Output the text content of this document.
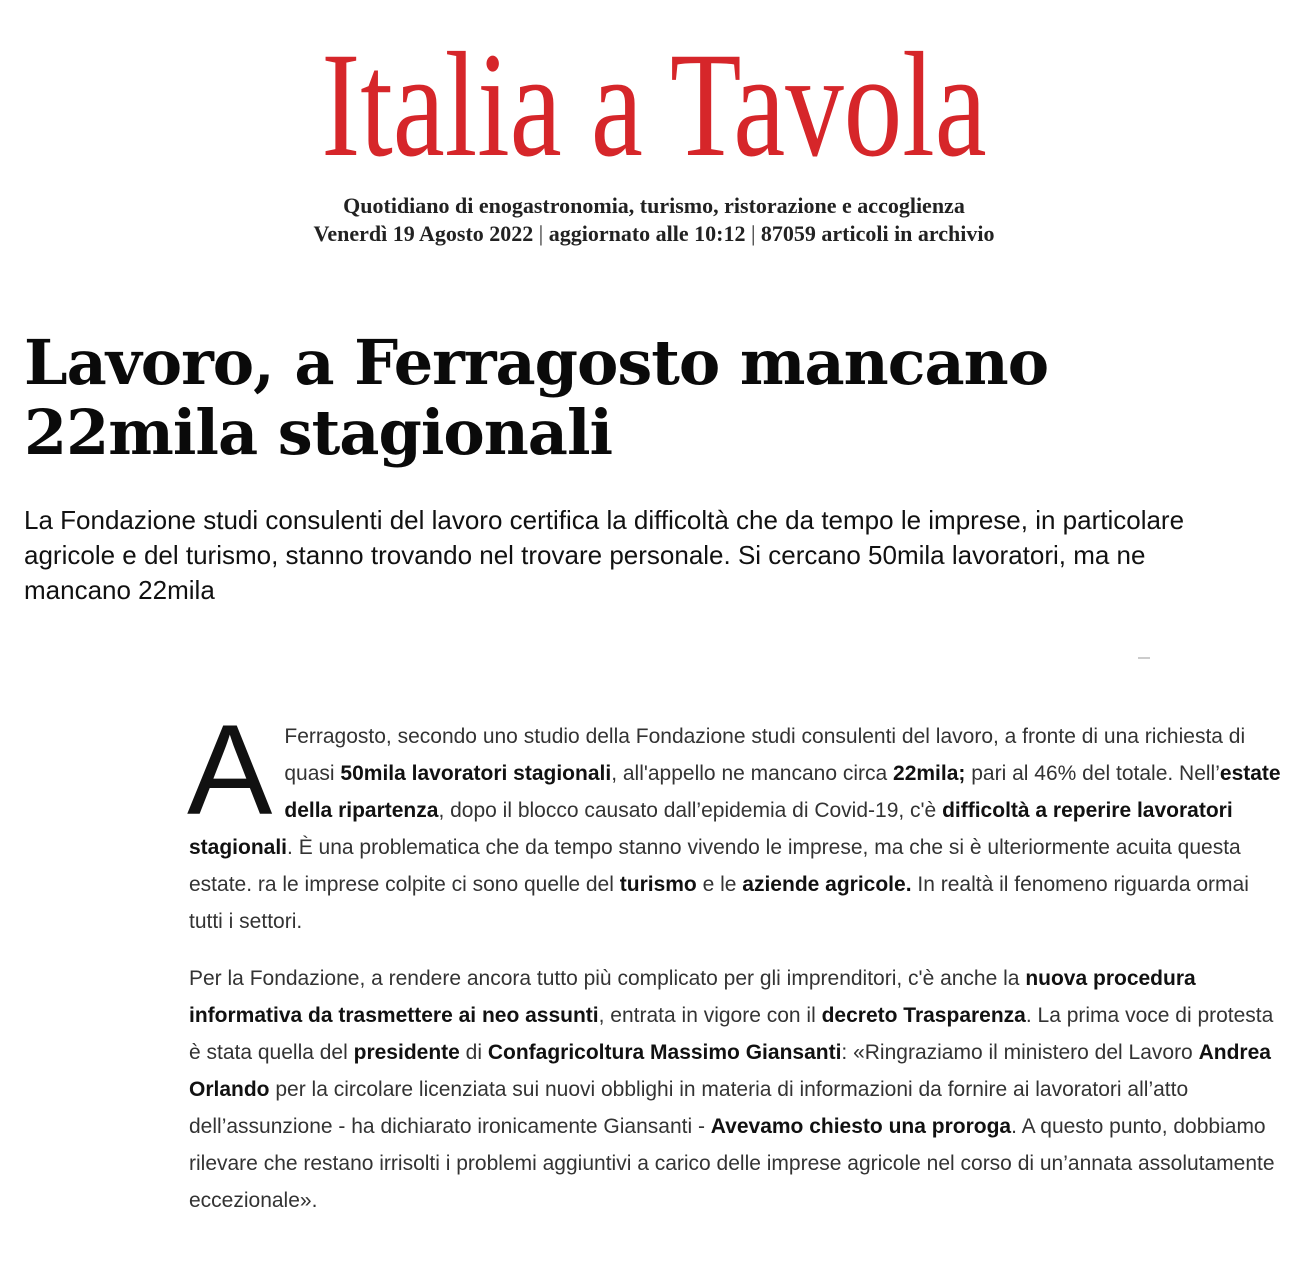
Italia a Tavola
Quotidiano di enogastronomia, turismo, ristorazione e accoglienza
Venerdì 19 Agosto 2022 | aggiornato alle 10:12 | 87059 articoli in archivio
Lavoro, a Ferragosto mancano 22mila stagionali

La Fondazione studi consulenti del lavoro certifica la difficoltà che da tempo le imprese, in particolare agricole e del turismo, stanno trovando nel trovare personale. Si cercano 50mila lavoratori, ma ne mancano 22mila

A Ferragosto, secondo uno studio della Fondazione studi consulenti del lavoro, a fronte di una richiesta di quasi 50mila lavoratori stagionali, all'appello ne mancano circa 22mila; pari al 46% del totale. Nell’estate della ripartenza, dopo il blocco causato dall’epidemia di Covid-19, c'è difficoltà a reperire lavoratori stagionali. È una problematica che da tempo stanno vivendo le imprese, ma che si è ulteriormente acuita questa estate. ra le imprese colpite ci sono quelle del turismo e le aziende agricole. In realtà il fenomeno riguarda ormai tutti i settori.

Per la Fondazione, a rendere ancora tutto più complicato per gli imprenditori, c'è anche la nuova procedura informativa da trasmettere ai neo assunti, entrata in vigore con il decreto Trasparenza. La prima voce di protesta è stata quella del presidente di Confagricoltura Massimo Giansanti: «Ringraziamo il ministero del Lavoro Andrea Orlando per la circolare licenziata sui nuovi obblighi in materia di informazioni da fornire ai lavoratori all’atto dell’assunzione - ha dichiarato ironicamente Giansanti - Avevamo chiesto una proroga. A questo punto, dobbiamo rilevare che restano irrisolti i problemi aggiuntivi a carico delle imprese agricole nel corso di un’annata assolutamente eccezionale».
